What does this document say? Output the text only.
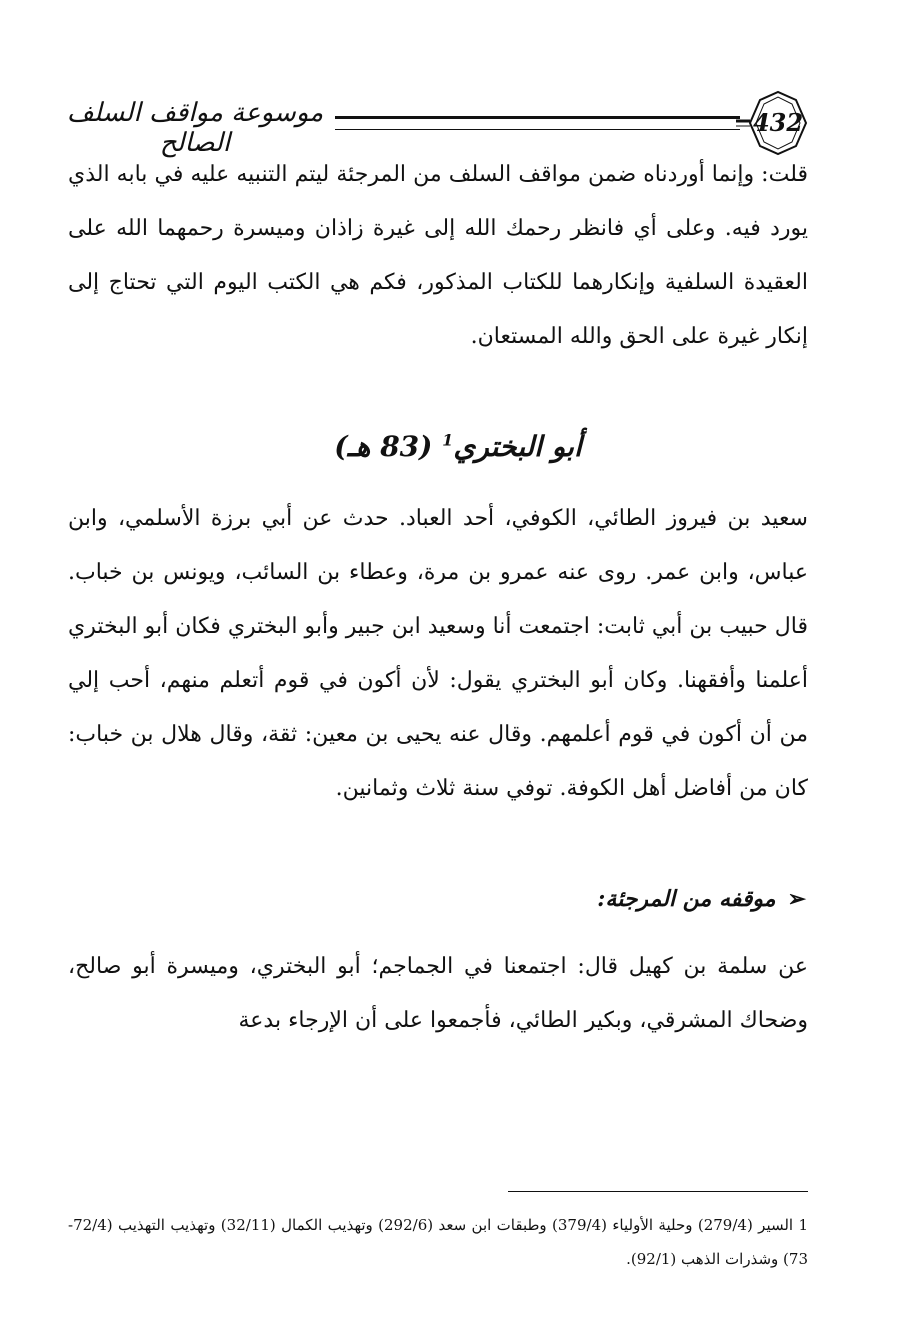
432
موسوعة مواقف السلف الصالح
قلت: وإنما أوردناه ضمن مواقف السلف من المرجئة ليتم التنبيه عليه في بابه الذي يورد فيه. وعلى أي فانظر رحمك الله إلى غيرة زاذان وميسرة رحمهما الله على العقيدة السلفية وإنكارهما للكتاب المذكور، فكم هي الكتب اليوم التي تحتاج إلى إنكار غيرة على الحق والله المستعان.
أبو البختري$^1$ (83 هـ)
سعيد بن فيروز الطائي، الكوفي، أحد العباد. حدث عن أبي برزة الأسلمي، وابن عباس، وابن عمر. روى عنه عمرو بن مرة، وعطاء بن السائب، ويونس بن خباب. قال حبيب بن أبي ثابت: اجتمعت أنا وسعيد ابن جبير وأبو البختري فكان أبو البختري أعلمنا وأفقهنا. وكان أبو البختري يقول: لأن أكون في قوم أتعلم منهم، أحب إلي من أن أكون في قوم أعلمهم. وقال عنه يحيى بن معين: ثقة، وقال هلال بن خباب: كان من أفاضل أهل الكوفة. توفي سنة ثلاث وثمانين.
➢موقفه من المرجئة:
عن سلمة بن كهيل قال: اجتمعنا في الجماجم؛ أبو البختري، وميسرة أبو صالح، وضحاك المشرقي، وبكير الطائي، فأجمعوا على أن الإرجاء بدعة
1 السير (279/4) وحلية الأولياء (379/4) وطبقات ابن سعد (292/6) وتهذيب الكمال (32/11) وتهذيب التهذيب (72/4-73) وشذرات الذهب (92/1).
